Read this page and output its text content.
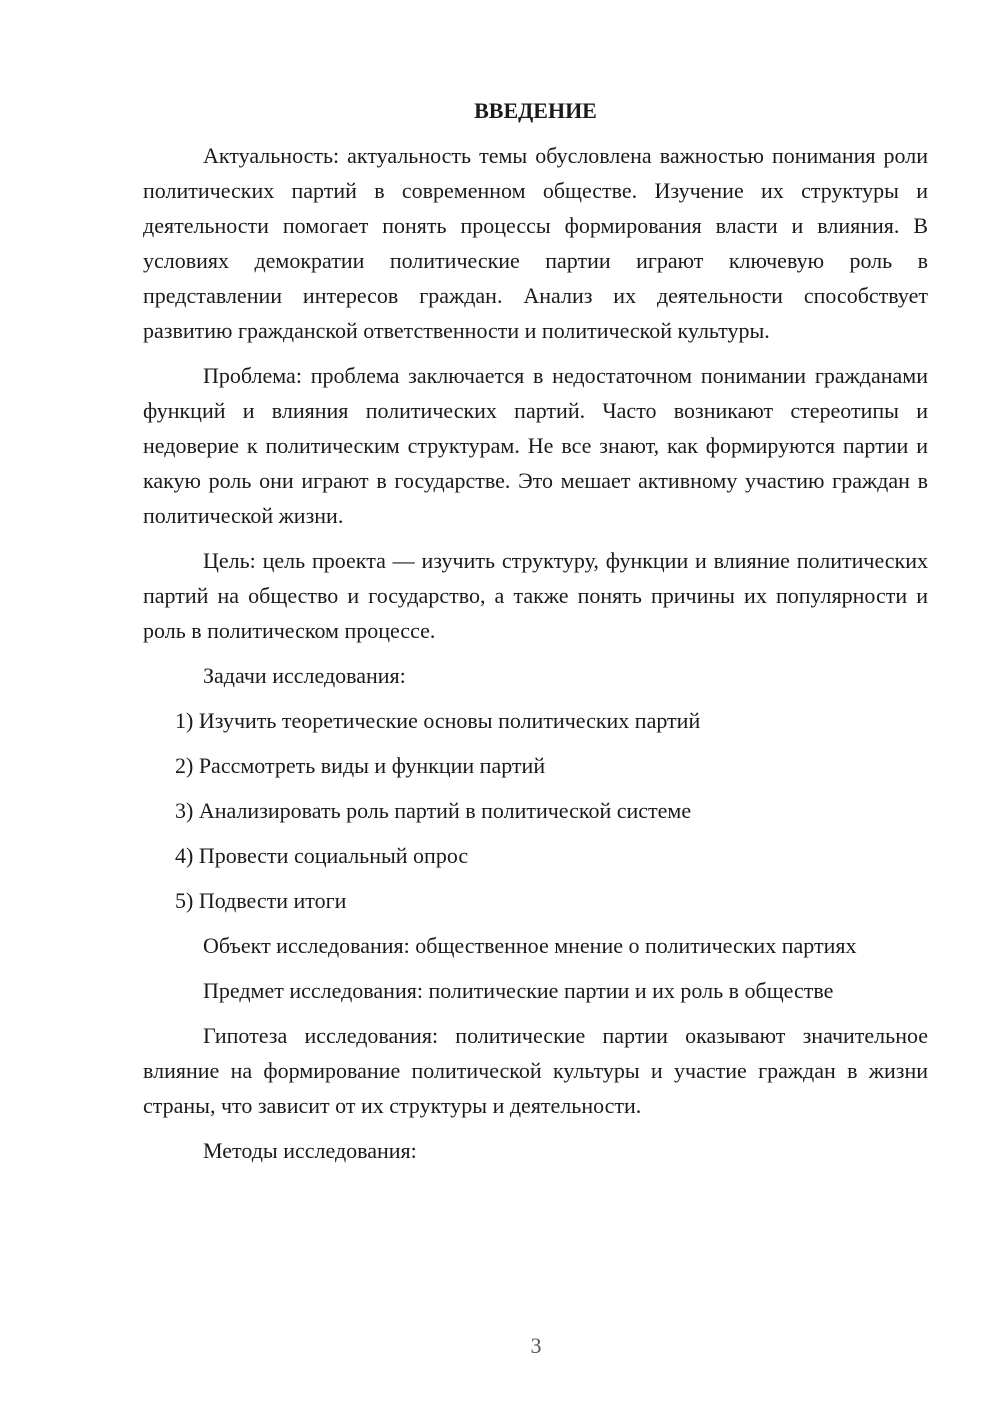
ВВЕДЕНИЕ

Актуальность: актуальность темы обусловлена важностью понимания роли политических партий в современном обществе. Изучение их структуры и деятельности помогает понять процессы формирования власти и влияния. В условиях демократии политические партии играют ключевую роль в представлении интересов граждан. Анализ их деятельности способствует развитию гражданской ответственности и политической культуры.

Проблема: проблема заключается в недостаточном понимании гражданами функций и влияния политических партий. Часто возникают стереотипы и недоверие к политическим структурам. Не все знают, как формируются партии и какую роль они играют в государстве. Это мешает активному участию граждан в политической жизни.

Цель: цель проекта — изучить структуру, функции и влияние политических партий на общество и государство, а также понять причины их популярности и роль в политическом процессе.

Задачи исследования:

1) Изучить теоретические основы политических партий
2) Рассмотреть виды и функции партий
3) Анализировать роль партий в политической системе
4) Провести социальный опрос
5) Подвести итоги

Объект исследования: общественное мнение о политических партиях

Предмет исследования: политические партии и их роль в обществе

Гипотеза исследования: политические партии оказывают значительное влияние на формирование политической культуры и участие граждан в жизни страны, что зависит от их структуры и деятельности.

Методы исследования:

3
